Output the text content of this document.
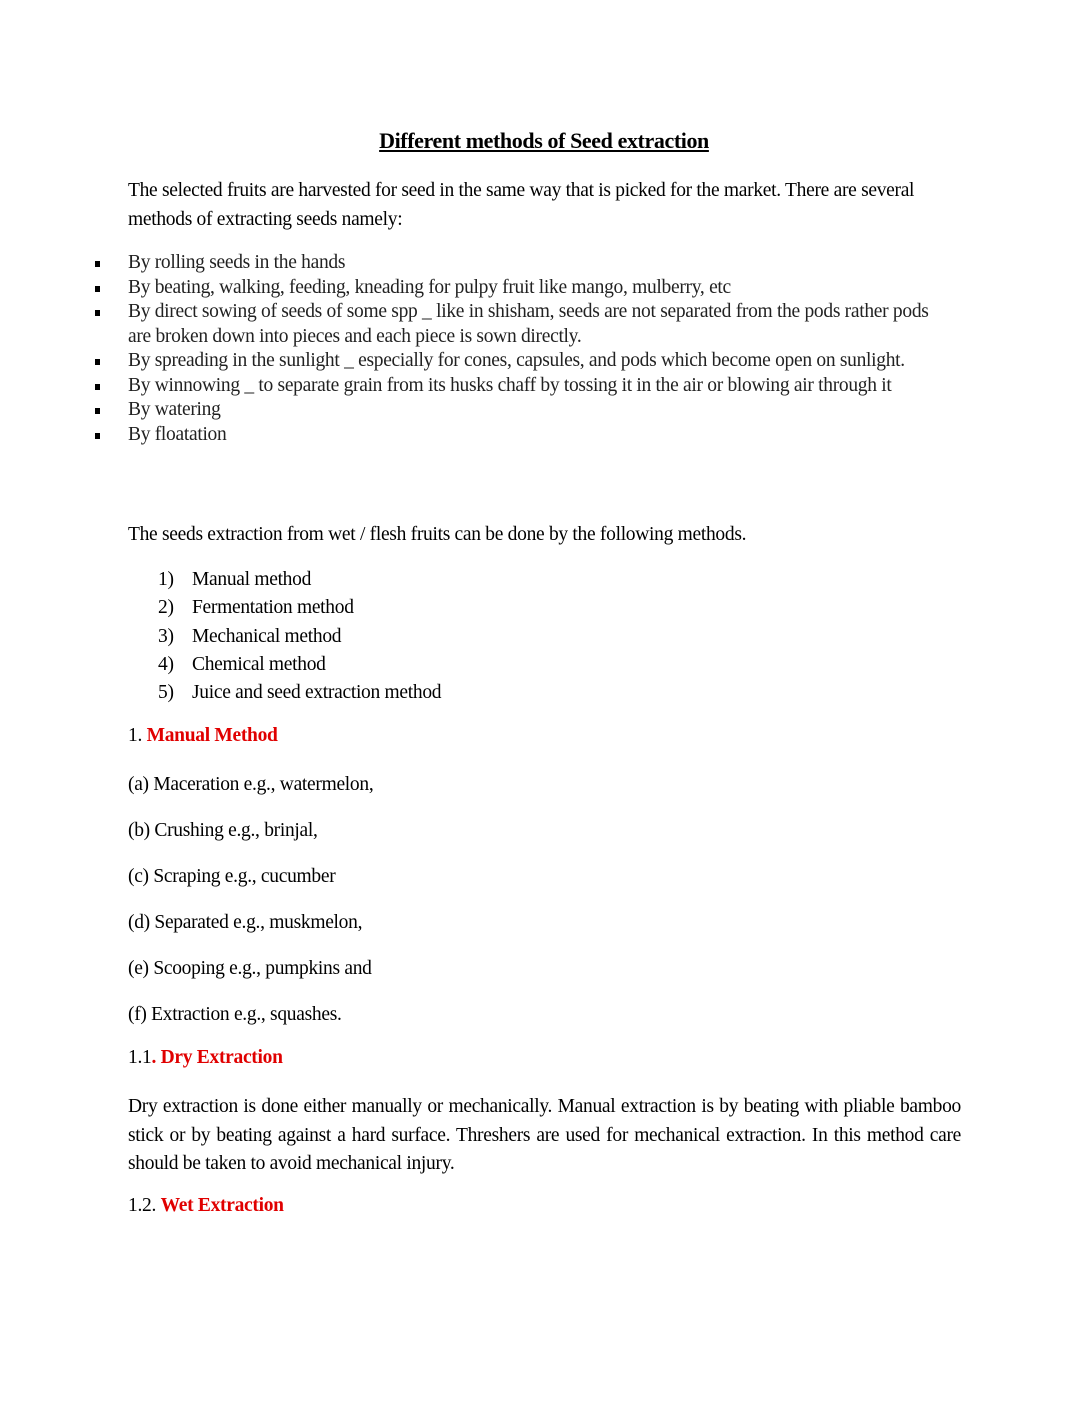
Different methods of Seed extraction
The selected fruits are harvested for seed in the same way that is picked for the market. There are several methods of extracting seeds namely:
By rolling seeds in the hands
By beating, walking, feeding, kneading for pulpy fruit like mango, mulberry, etc
By direct sowing of seeds of some spp _ like in shisham, seeds are not separated from the pods rather pods are broken down into pieces and each piece is sown directly.
By spreading in the sunlight _ especially for cones, capsules, and pods which become open on sunlight.
By winnowing _ to separate grain from its husks chaff by tossing it in the air or blowing air through it
By watering
By floatation
The seeds extraction from wet / flesh fruits can be done by the following methods.
1) Manual method
2) Fermentation method
3) Mechanical method
4) Chemical method
5) Juice and seed extraction method
1. Manual Method
(a) Maceration e.g., watermelon,
(b) Crushing e.g., brinjal,
(c) Scraping e.g., cucumber
(d) Separated e.g., muskmelon,
(e) Scooping e.g., pumpkins and
(f) Extraction e.g., squashes.
1.1. Dry Extraction
Dry extraction is done either manually or mechanically. Manual extraction is by beating with pliable bamboo stick or by beating against a hard surface. Threshers are used for mechanical extraction. In this method care should be taken to avoid mechanical injury.
1.2. Wet Extraction
